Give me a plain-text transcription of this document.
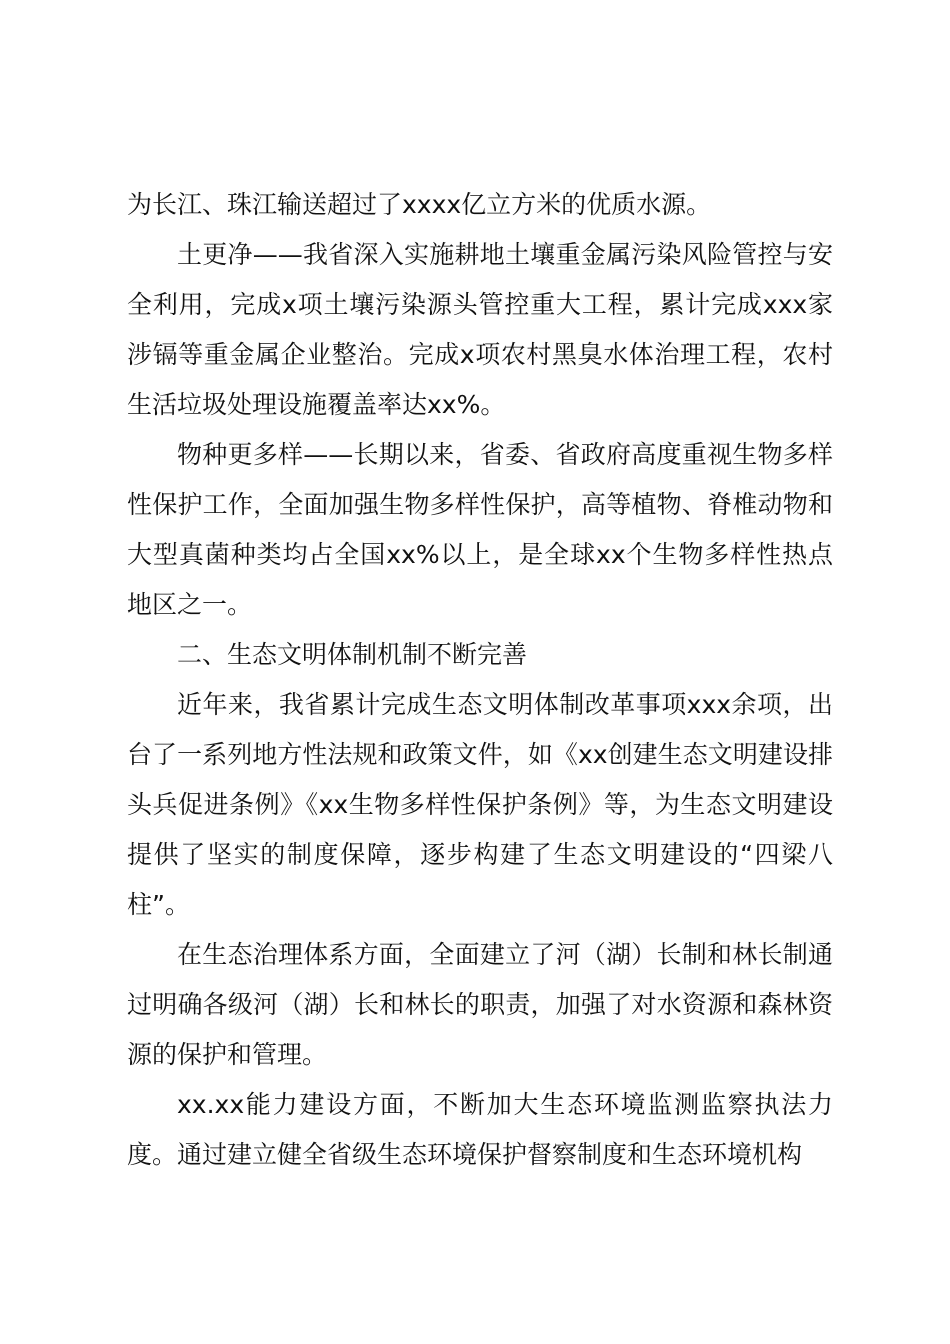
为长江、珠江输送超过了xxxx亿立方米的优质水源。

土更净——我省深入实施耕地土壤重金属污染风险管控与安全利用，完成x项土壤污染源头管控重大工程，累计完成xxx家涉镉等重金属企业整治。完成x项农村黑臭水体治理工程，农村生活垃圾处理设施覆盖率达xx%。

物种更多样——长期以来，省委、省政府高度重视生物多样性保护工作，全面加强生物多样性保护，高等植物、脊椎动物和大型真菌种类均占全国xx%以上，是全球xx个生物多样性热点地区之一。

二、生态文明体制机制不断完善

近年来，我省累计完成生态文明体制改革事项xxx余项，出台了一系列地方性法规和政策文件，如《xx创建生态文明建设排头兵促进条例》《xx生物多样性保护条例》等，为生态文明建设提供了坚实的制度保障，逐步构建了生态文明建设的“四梁八柱”。

在生态治理体系方面，全面建立了河（湖）长制和林长制通过明确各级河（湖）长和林长的职责，加强了对水资源和森林资源的保护和管理。

xx.xx能力建设方面，不断加大生态环境监测监察执法力度。通过建立健全省级生态环境保护督察制度和生态环境机构
